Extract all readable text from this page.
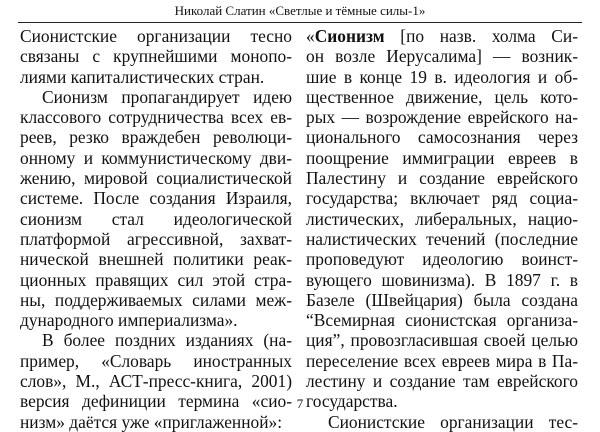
Николай Слатин «Светлые и тёмные силы-1»
Сионистские организации тесно
связаны с крупнейшими монопо-
лиями капиталистических стран.
Сионизм пропагандирует идею
классового сотрудничества всех ев-
реев, резко враждебен революци-
онному и коммунистическому дви-
жению, мировой социалистической
системе. После создания Израиля,
сионизм стал идеологической
платформой агрессивной, захват-
нической внешней политики реак-
ционных правящих сил этой стра-
ны, поддерживаемых силами меж-
дународного империализма».
В более поздних изданиях (на-
пример, «Словарь иностранных
слов», М., АСТ-пресс-книга, 2001)
версия дефиниции термина «сио-
низм» даётся уже «приглаженной»:
«Сионизм [по назв. холма Си-
он возле Иерусалима] — возник-
шие в конце 19 в. идеология и об-
щественное движение, цель кото-
рых — возрождение еврейского на-
ционального самосознания через
поощрение иммиграции евреев в
Палестину и создание еврейского
государства; включает ряд социа-
листических, либеральных, нацио-
налистических течений (последние
проповедуют идеологию воинст-
вующего шовинизма). В 1897 г. в
Базеле (Швейцария) была создана
“Всемирная сионистская организа-
ция”, провозгласившая своей целью
переселение всех евреев мира в Па-
лестину и создание там еврейского
государства.
Сионистские организации тес-
7
